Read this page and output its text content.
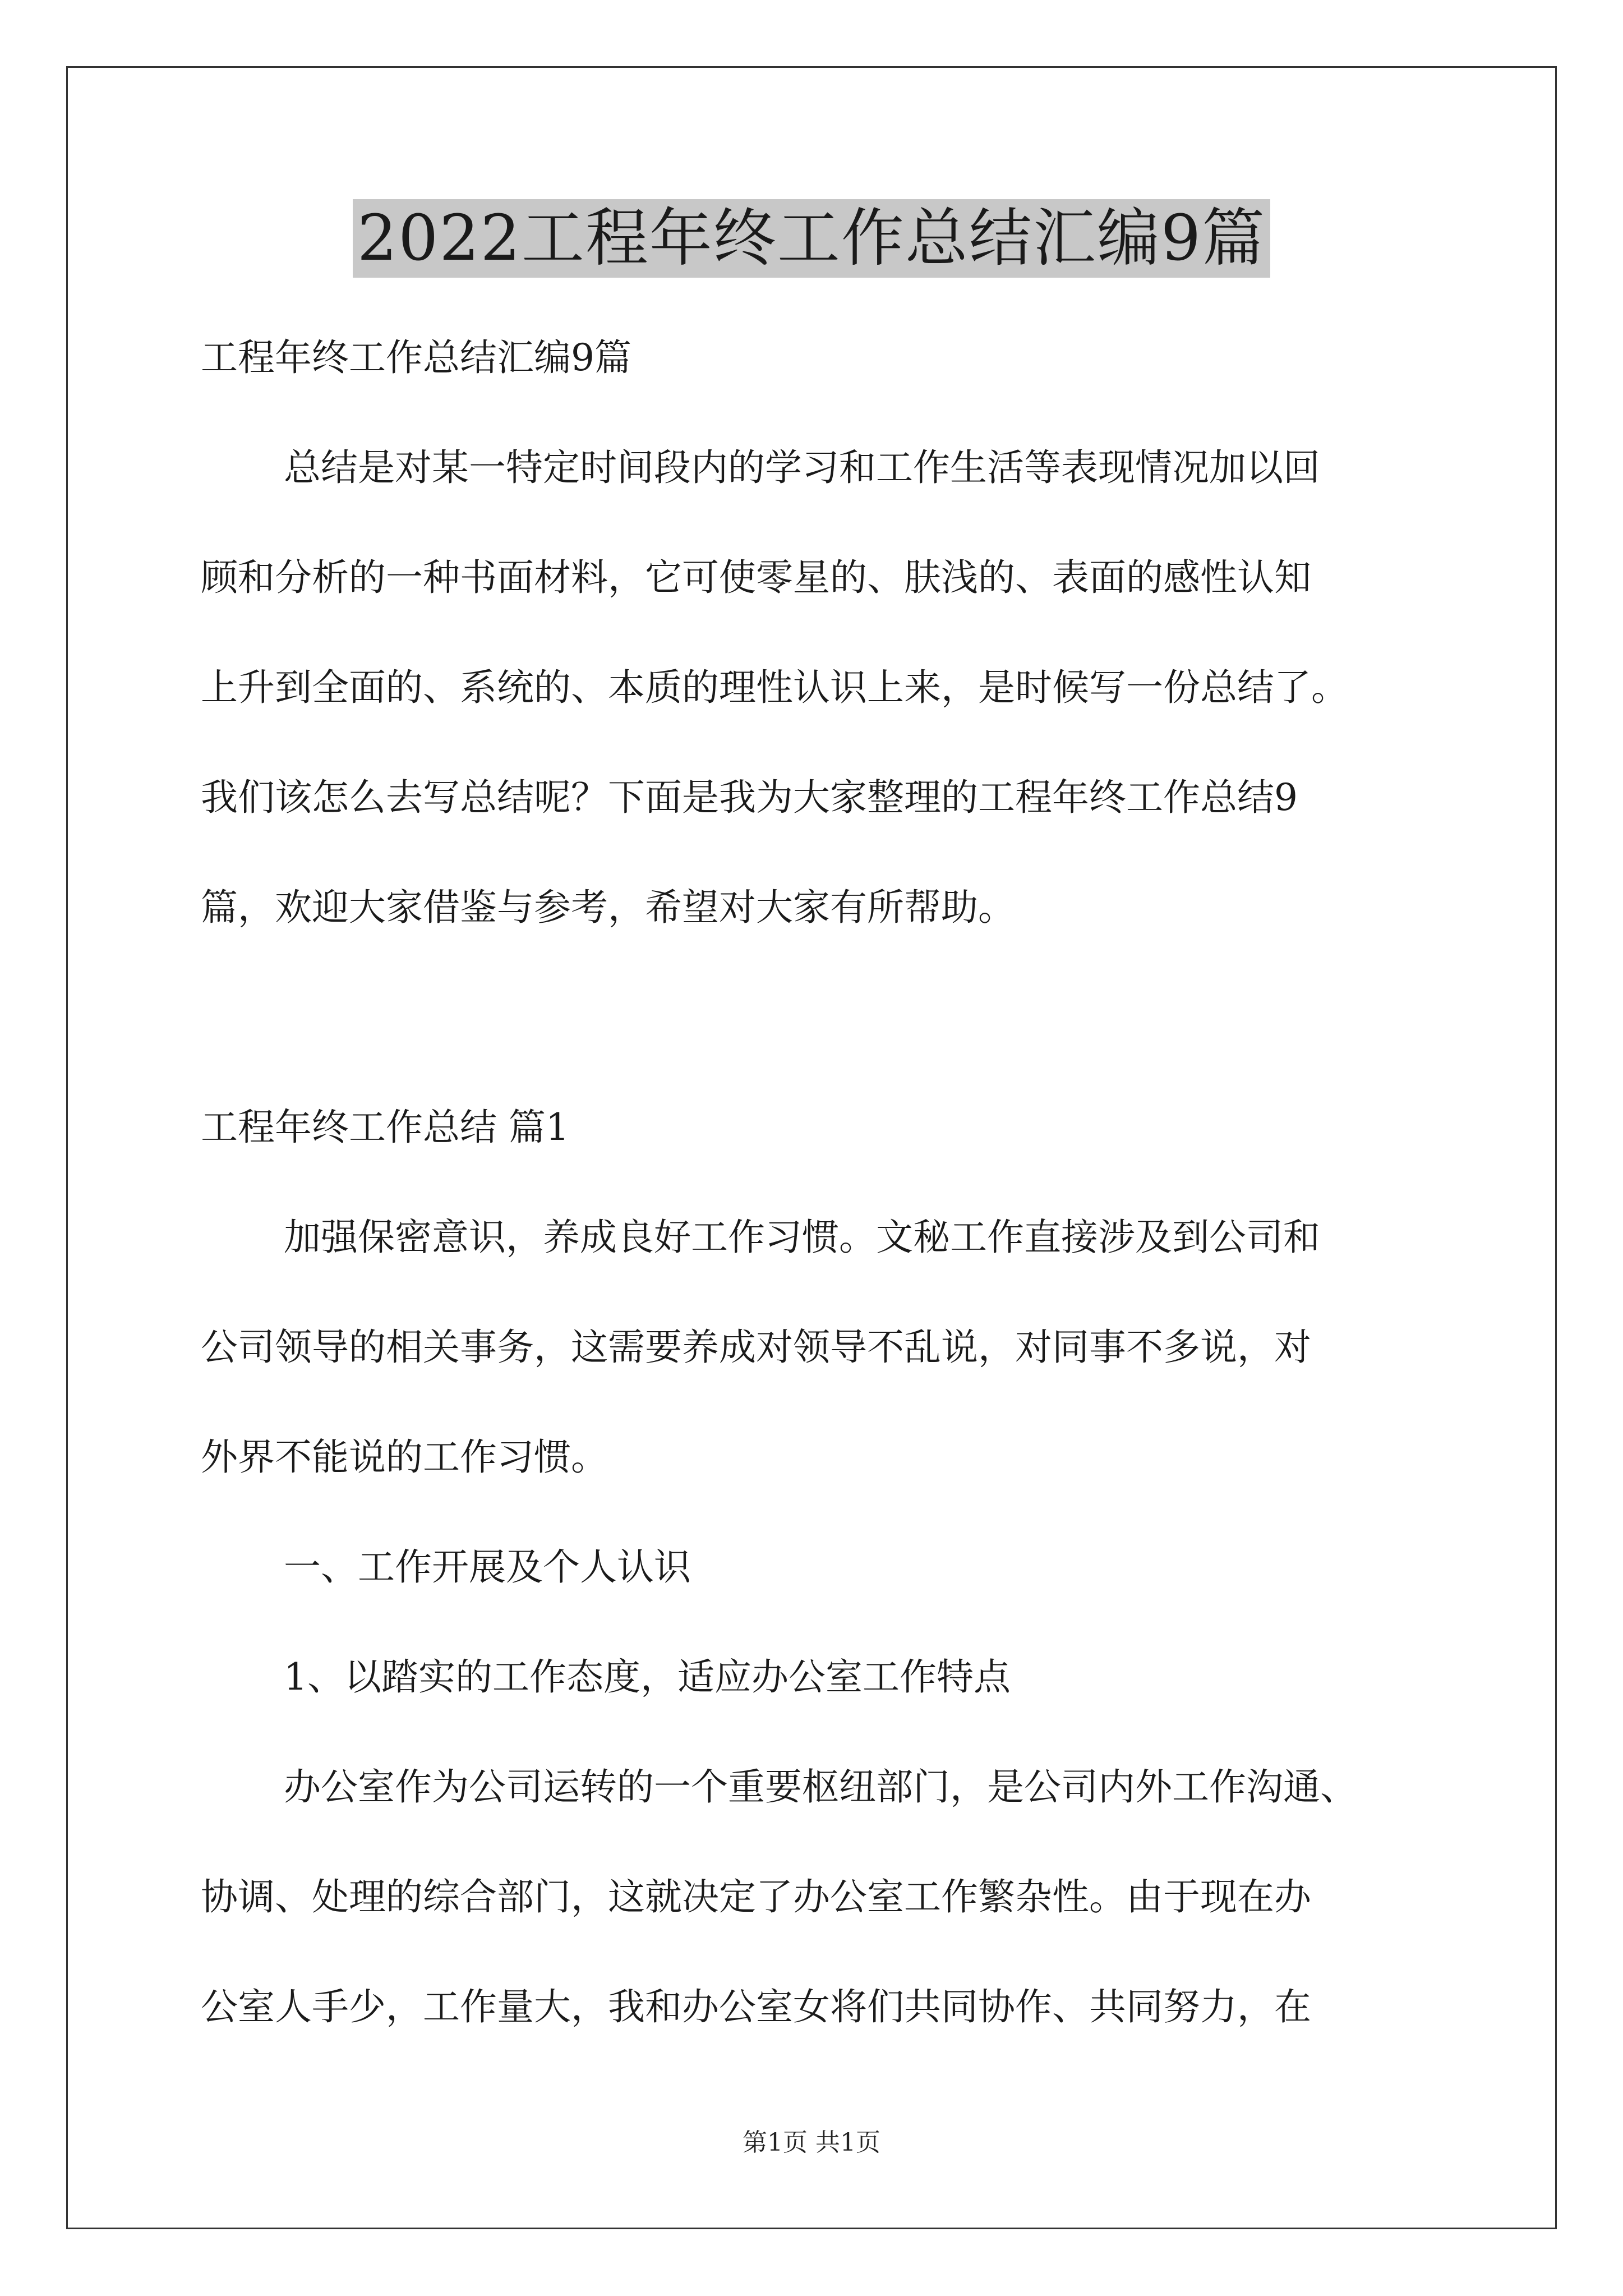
2022工程年终工作总结汇编9篇

工程年终工作总结汇编9篇

总结是对某一特定时间段内的学习和工作生活等表现情况加以回

顾和分析的一种书面材料，它可使零星的、肤浅的、表面的感性认知

上升到全面的、系统的、本质的理性认识上来，是时候写一份总结了。

我们该怎么去写总结呢？下面是我为大家整理的工程年终工作总结9

篇，欢迎大家借鉴与参考，希望对大家有所帮助。

工程年终工作总结 篇1

加强保密意识，养成良好工作习惯。文秘工作直接涉及到公司和

公司领导的相关事务，这需要养成对领导不乱说，对同事不多说，对

外界不能说的工作习惯。

一、工作开展及个人认识

1、以踏实的工作态度，适应办公室工作特点

办公室作为公司运转的一个重要枢纽部门，是公司内外工作沟通、

协调、处理的综合部门，这就决定了办公室工作繁杂性。由于现在办

公室人手少，工作量大，我和办公室女将们共同协作、共同努力，在

第1页 共1页
